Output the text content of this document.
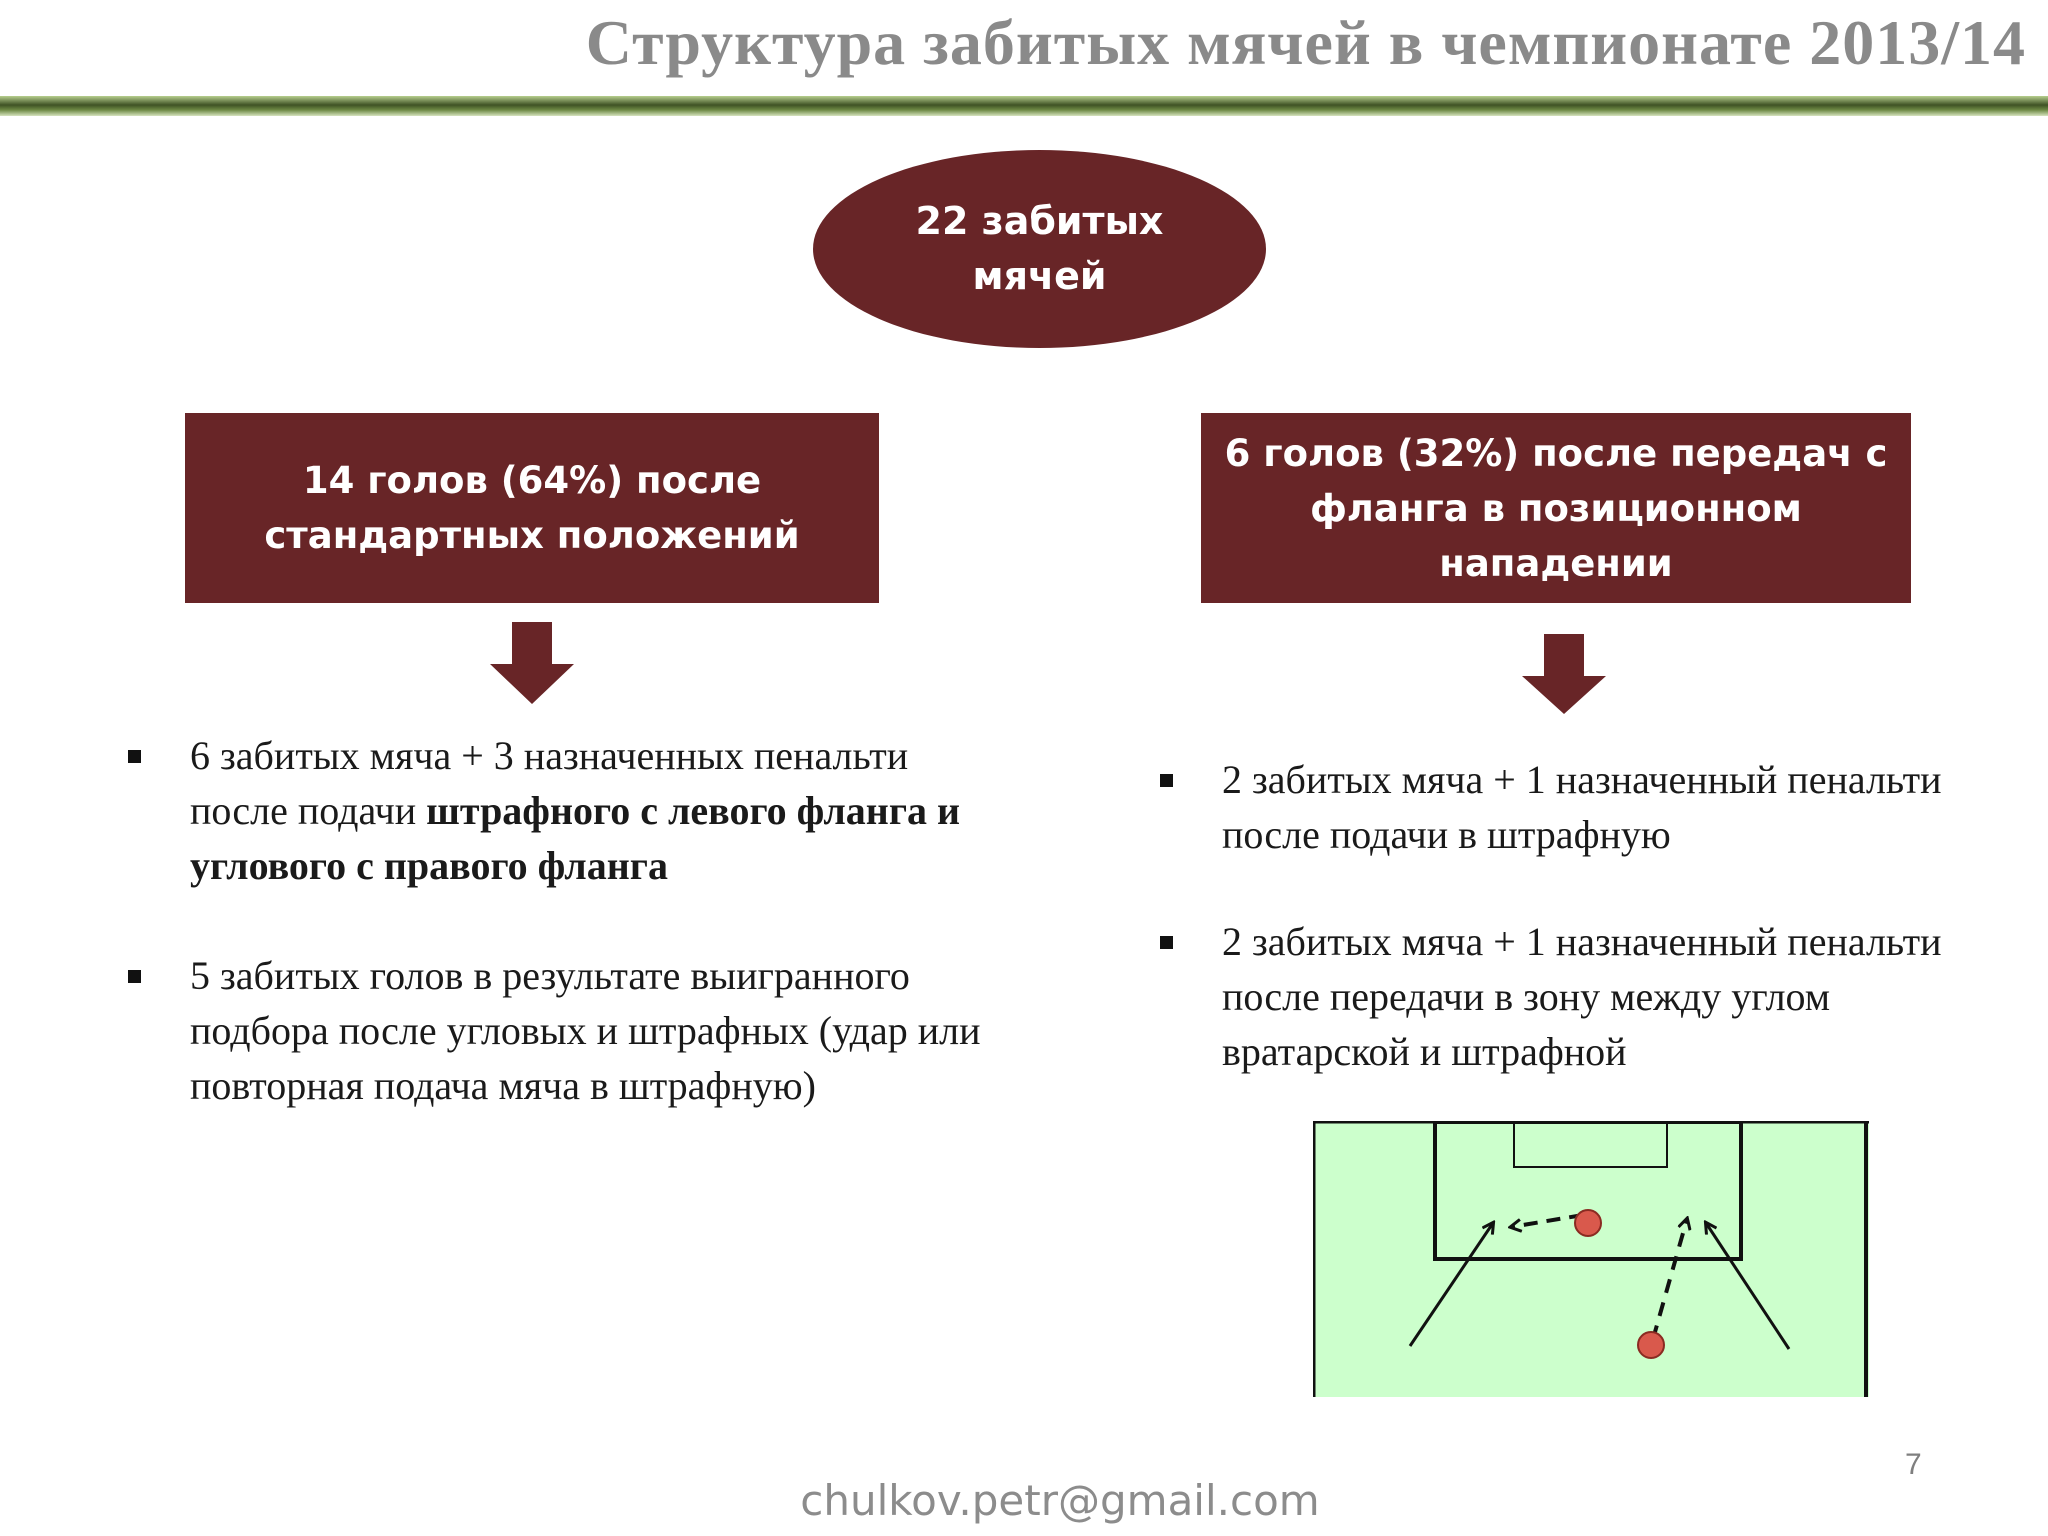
Структура забитых мячей в чемпионате 2013/14
22 забитых
мячей
14 голов (64%) после
стандартных положений
6 голов (32%) после передач с
фланга в позиционном
нападении
6 забитых мяча + 3 назначенных пенальти после подачи штрафного с левого фланга и углового с правого фланга
5 забитых голов в результате выигранного подбора после угловых и штрафных (удар или повторная подача мяча в штрафную)
2 забитых мяча + 1 назначенный пенальти после подачи в штрафную
2 забитых мяча + 1 назначенный пенальти после передачи в зону между углом вратарской и штрафной
7
chulkov.petr@gmail.com
